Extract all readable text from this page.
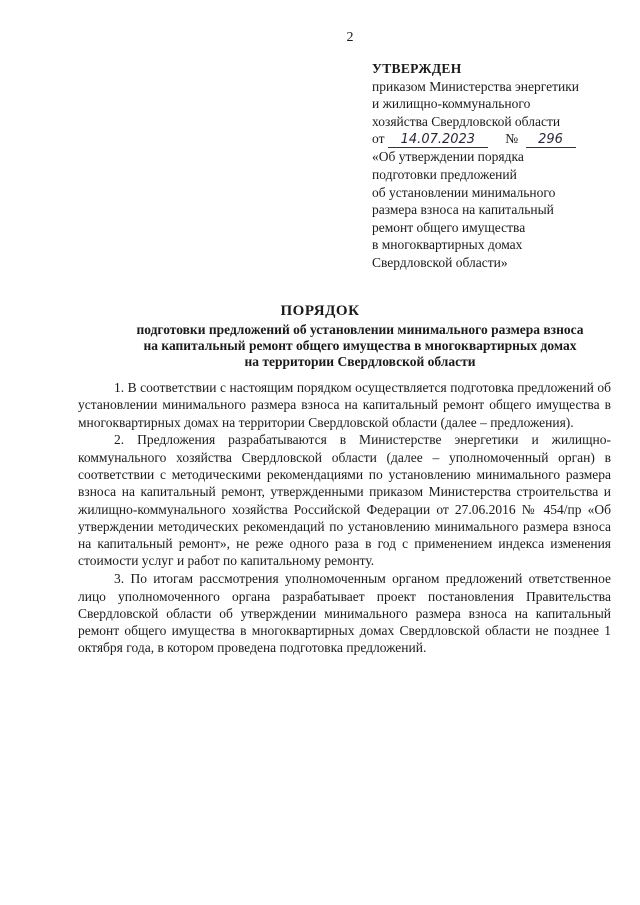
2
УТВЕРЖДЕН
приказом Министерства энергетики
и жилищно-коммунального
хозяйства Свердловской области
от 14.07.2023 № 296
«Об утверждении порядка
подготовки предложений
об установлении минимального
размера взноса на капитальный
ремонт общего имущества
в многоквартирных домах
Свердловской области»
ПОРЯДОК
подготовки предложений об установлении минимального размера взноса
на капитальный ремонт общего имущества в многоквартирных домах
на территории Свердловской области

1. В соответствии с настоящим порядком осуществляется подготовка предложений об установлении минимального размера взноса на капитальный ремонт общего имущества в многоквартирных домах на территории Свердловской области (далее – предложения).

2. Предложения разрабатываются в Министерстве энергетики и жилищно-коммунального хозяйства Свердловской области (далее – уполномоченный орган) в соответствии с методическими рекомендациями по установлению минимального размера взноса на капитальный ремонт, утвержденными приказом Министерства строительства и жилищно-коммунального хозяйства Российской Федерации от 27.06.2016 № 454/пр «Об утверждении методических рекомендаций по установлению минимального размера взноса на капитальный ремонт», не реже одного раза в год с применением индекса изменения стоимости услуг и работ по капитальному ремонту.

3. По итогам рассмотрения уполномоченным органом предложений ответственное лицо уполномоченного органа разрабатывает проект постановления Правительства Свердловской области об утверждении минимального размера взноса на капитальный ремонт общего имущества в многоквартирных домах Свердловской области не позднее 1 октября года, в котором проведена подготовка предложений.
